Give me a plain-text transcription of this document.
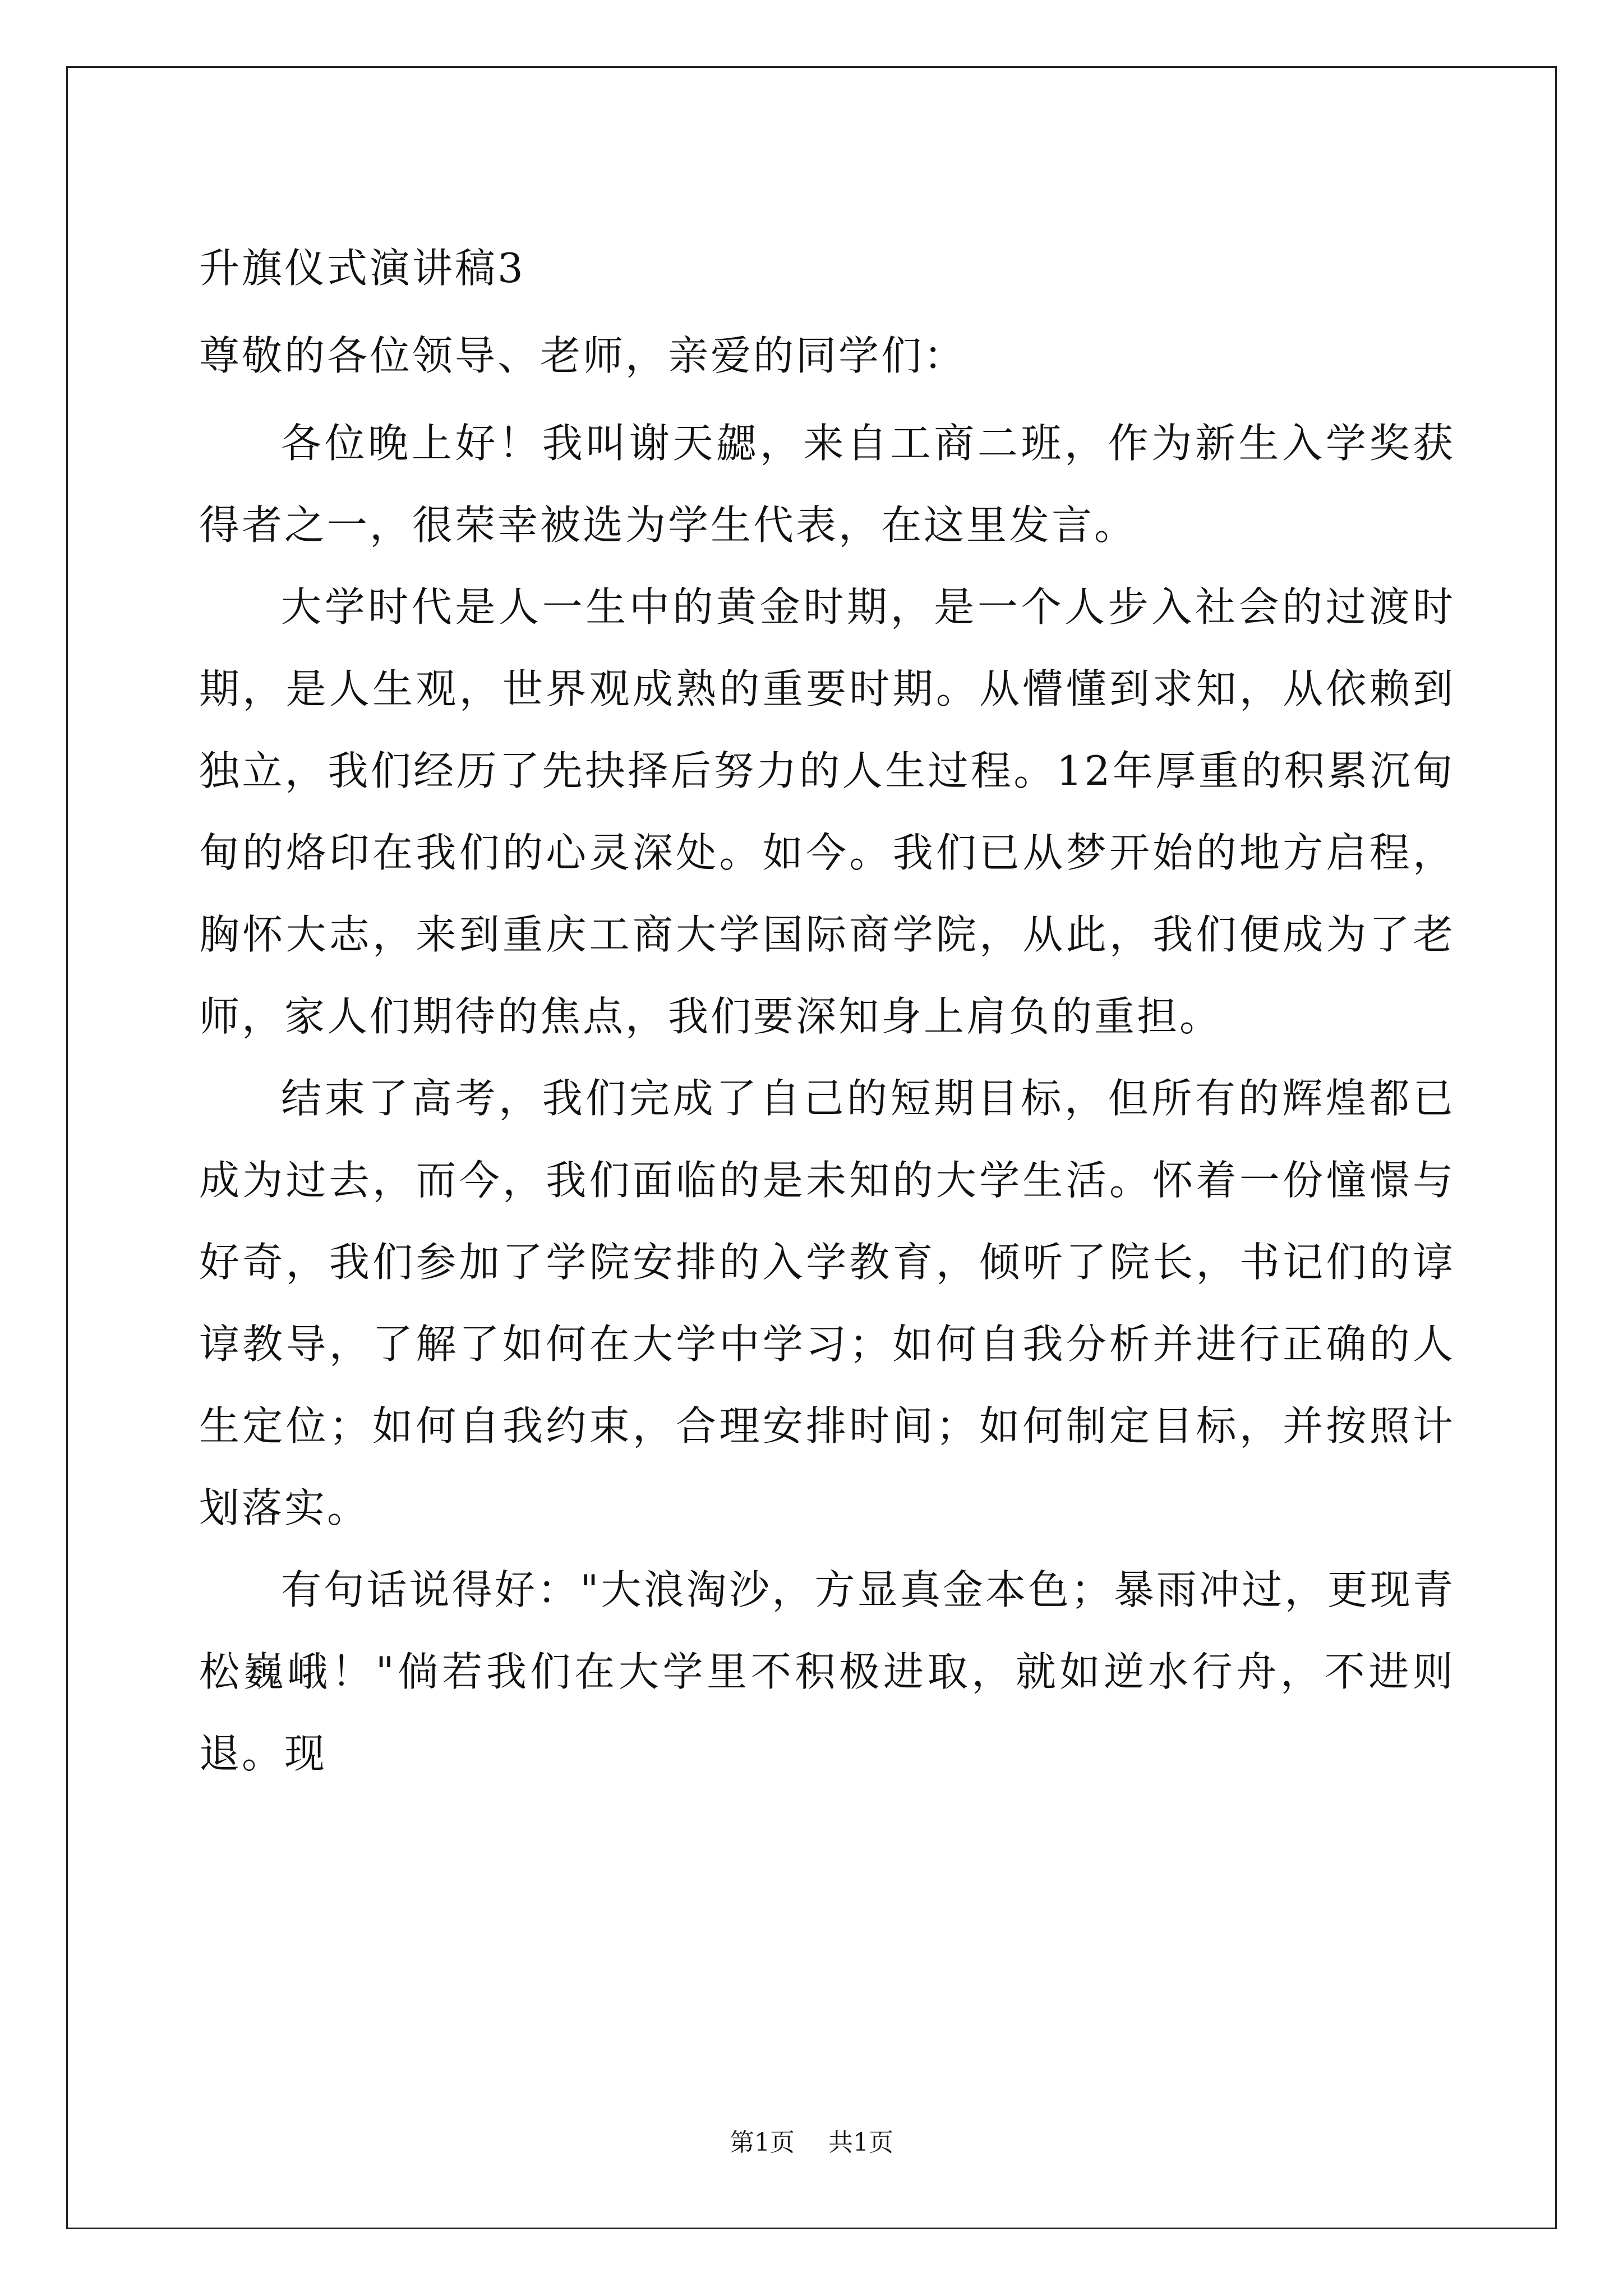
升旗仪式演讲稿3

尊敬的各位领导、老师，亲爱的同学们：

各位晚上好！我叫谢天勰，来自工商二班，作为新生入学奖获得者之一，很荣幸被选为学生代表，在这里发言。

大学时代是人一生中的黄金时期，是一个人步入社会的过渡时期，是人生观，世界观成熟的重要时期。从懵懂到求知，从依赖到独立，我们经历了先抉择后努力的人生过程。12年厚重的积累沉甸甸的烙印在我们的心灵深处。如今。我们已从梦开始的地方启程，胸怀大志，来到重庆工商大学国际商学院，从此，我们便成为了老师，家人们期待的焦点，我们要深知身上肩负的重担。

结束了高考，我们完成了自己的短期目标，但所有的辉煌都已成为过去，而今，我们面临的是未知的大学生活。怀着一份憧憬与好奇，我们参加了学院安排的入学教育，倾听了院长，书记们的谆谆教导，了解了如何在大学中学习；如何自我分析并进行正确的人生定位；如何自我约束，合理安排时间；如何制定目标，并按照计划落实。

有句话说得好："大浪淘沙，方显真金本色；暴雨冲过，更现青松巍峨！"倘若我们在大学里不积极进取，就如逆水行舟，不进则退。现

第1页 共1页
